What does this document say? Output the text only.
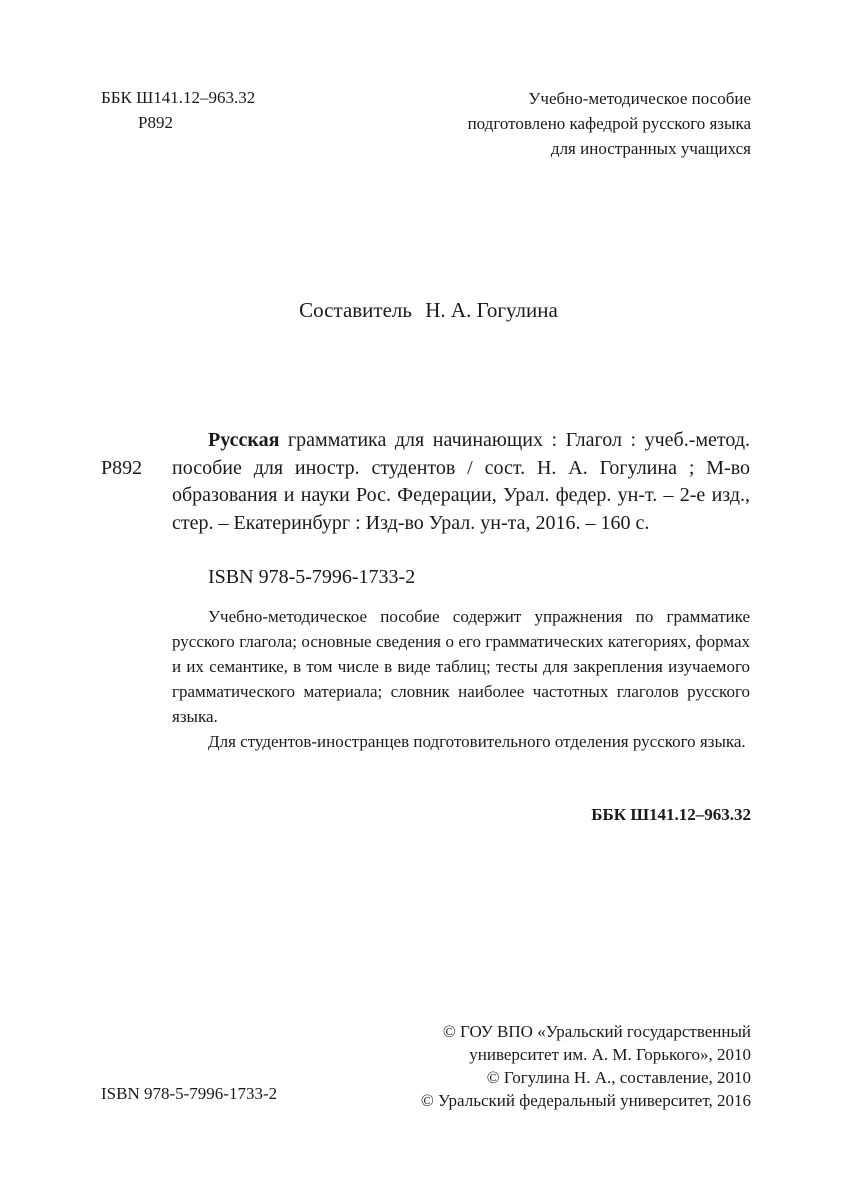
ББК Ш141.12–963.32
Р892
Учебно-методическое пособие
подготовлено кафедрой русского языка
для иностранных учащихся
Составитель Н. А. Гогулина
Р892
Русская грамматика для начинающих : Глагол : учеб.-метод. пособие для иностр. студентов / сост. Н. А. Гогулина ; М-во образования и науки Рос. Федерации, Урал. федер. ун-т. – 2-е изд., стер. – Екатеринбург : Изд-во Урал. ун-та, 2016. – 160 с.
ISBN 978-5-7996-1733-2

Учебно-методическое пособие содержит упражнения по грамматике русского глагола; основные сведения о его грамматических категориях, формах и их семантике, в том числе в виде таблиц; тесты для закрепления изучаемого грамматического материала; словник наиболее частотных глаголов русского языка.

Для студентов-иностранцев подготовительного отделения русского языка.

ББК Ш141.12–963.32
© ГОУ ВПО «Уральский государственный
университет им. А. М. Горького», 2010
© Гогулина Н. А., составление, 2010
© Уральский федеральный университет, 2016
ISBN 978-5-7996-1733-2
